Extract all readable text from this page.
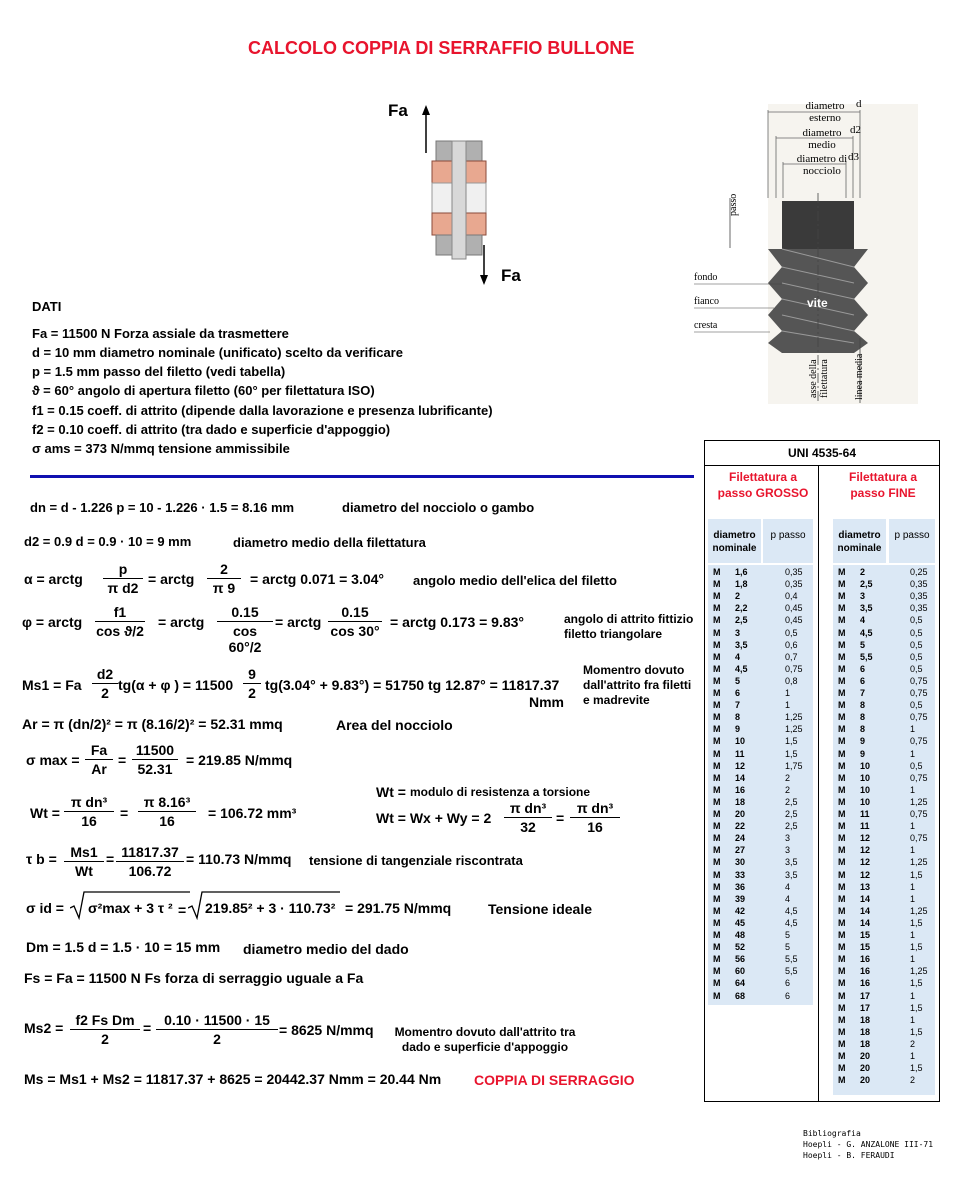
CALCOLO COPPIA DI SERRAFFIO BULLONE
Fa
Fa
diametro esterno
d
diametro medio
d2
diametro di nocciolo
d3
passo
fondo
fianco
cresta
vite
asse della filettatura linea media
DATI
Fa = 11500 N Forza assiale da trasmettere
d = 10 mm diametro nominale (unificato) scelto da verificare
p = 1.5 mm passo del filetto (vedi tabella)
ϑ = 60° angolo di apertura filetto (60° per filettatura ISO)
f1 = 0.15 coeff. di attrito (dipende dalla lavorazione e presenza lubrificante)
f2 = 0.10 coeff. di attrito (tra dado e superficie d'appoggio)
σ ams = 373 N/mmq tensione ammissibile
dn = d - 1.226 p = 10 - 1.226 · 1.5 = 8.16 mm	diametro del nocciolo o gambo
d2 = 0.9 d = 0.9 · 10 = 9 mm	diametro medio della filettatura
α = arctg $\frac{p}{\text{π d2}}$ = arctg $\frac{2}{\pi 9}$ = arctg 0.071 = 3.04° angolo medio dell'elica del filetto
φ = arctg $\frac{f1}{\text{cos ϑ/2}}$ = arctg $\frac{0.15}{\cos 60^\circ/2}$ = arctg $\frac{0.15}{\cos 30^\circ}$ = arctg 0.173 = 9.83°	angolo di attrito fittizio filetto triangolare
Ms1 = Fa $\frac{d2}{2} tg(\alpha + \varphi$ ) = $11500 \frac{9}{2} tg(3.04^\circ + 9.83^\circ) = 51750$ tg 12.87° = 11817.37
Nmm
Momentro dovuto dall'attrito fra filetti e madrevite
Ar = π (dn/2)² = π (8.16/2)² = 52.31 mmq	Area del nocciolo
σ $\max = \frac{Fa}{Ar} = \frac{11500}{52.31} = 219.85$ N/mmq
$Wt = \frac{\text{π dn³}}{16} = \frac{\text{π 8.16³}}{16} = 106.72$ mm³
Wt = modulo di resistenza a torsione
$Wt = Wx + Wy = 2 \frac{\text{π dn³}}{32} = \frac{\text{π dn³}}{16}$
τ $b = \frac{Ms1}{Wt} = \frac{11817.37}{106.72} = 110.73$ N/mmq tensione di tangenziale riscontrata
σ id = σ²max + 3 τ ² = 219.85² + 3 · 110.73² = 291.75 N/mmq	Tensione ideale
Dm = 1.5 d = 1.5 · 10 = 15 mm diametro medio del dado
Fs = Fa = 11500 N Fs forza di serraggio uguale a Fa
$Ms2 = \frac{\text{f2 Fs Dm}}{2} = \frac{0.10 \cdot 11500 \cdot 15}{2} = 8625$ N/mmq	Momentro dovuto dall'attrito tra dado e superficie d'appoggio
Ms = Ms1 + Ms2 = 11817.37 + 8625 = 20442.37 Nmm = 20.44 Nm COPPIA DI SERRAGGIO
UNI 4535-64
Filettatura a passo GROSSO
Filettatura a passo FINE
diametro nominale
p passo	diametro nominale
p passo
M 1,6	0,35
M 1,8	0,35
M 2	0,4
M 2,2	0,45
M 2,5	0,45
M 3	0,5
M 3,5	0,6
M 4	0,7
M 4,5	0,75
M 5	0,8
M 6	1
M 7	1
M 8	1,25
M 9	1,25
M 10	1,5
M 11	1,5
M 12	1,75
M 14	2
M 16	2
M 18	2,5
M 20	2,5
M 22	2,5
M 24	3
M 27	3
M 30	3,5
M 33	3,5
M 36	4
M 39	4
M 42	4,5
M 45	4,5
M 48	5
M 52	5
M 56	5,5
M 60	5,5
M 64	6
M 68	6
M 2	0,25
M 2,5	0,35
M 3	0,35
M 3,5	0,35
M 4	0,5
M 4,5	0,5
M 5	0,5
M 5,5	0,5
M 6	0,5
M 6	0,75
M 7	0,75
M 8	0,5
M 8	0,75
M 8	1
M 9	0,75
M 9	1
M 10	0,5
M 10	0,75
M 10	1
M 10	1,25
M 11	0,75
M 11	1
M 12	0,75
M 12	1
M 12	1,25
M 12	1,5
M 13	1
M 14	1
M 14	1,25
M 14	1,5
M 15	1
M 15	1,5
M 16	1
M 16	1,25
M 16	1,5
M 17	1
M 17	1,5
M 18	1
M 18	1,5
M 18	2
M 20	1
M 20	1,5
M 20	2
Bibliografia
Hoepli - G. ANZALONE III-71
Hoepli - B. FERAUDI
